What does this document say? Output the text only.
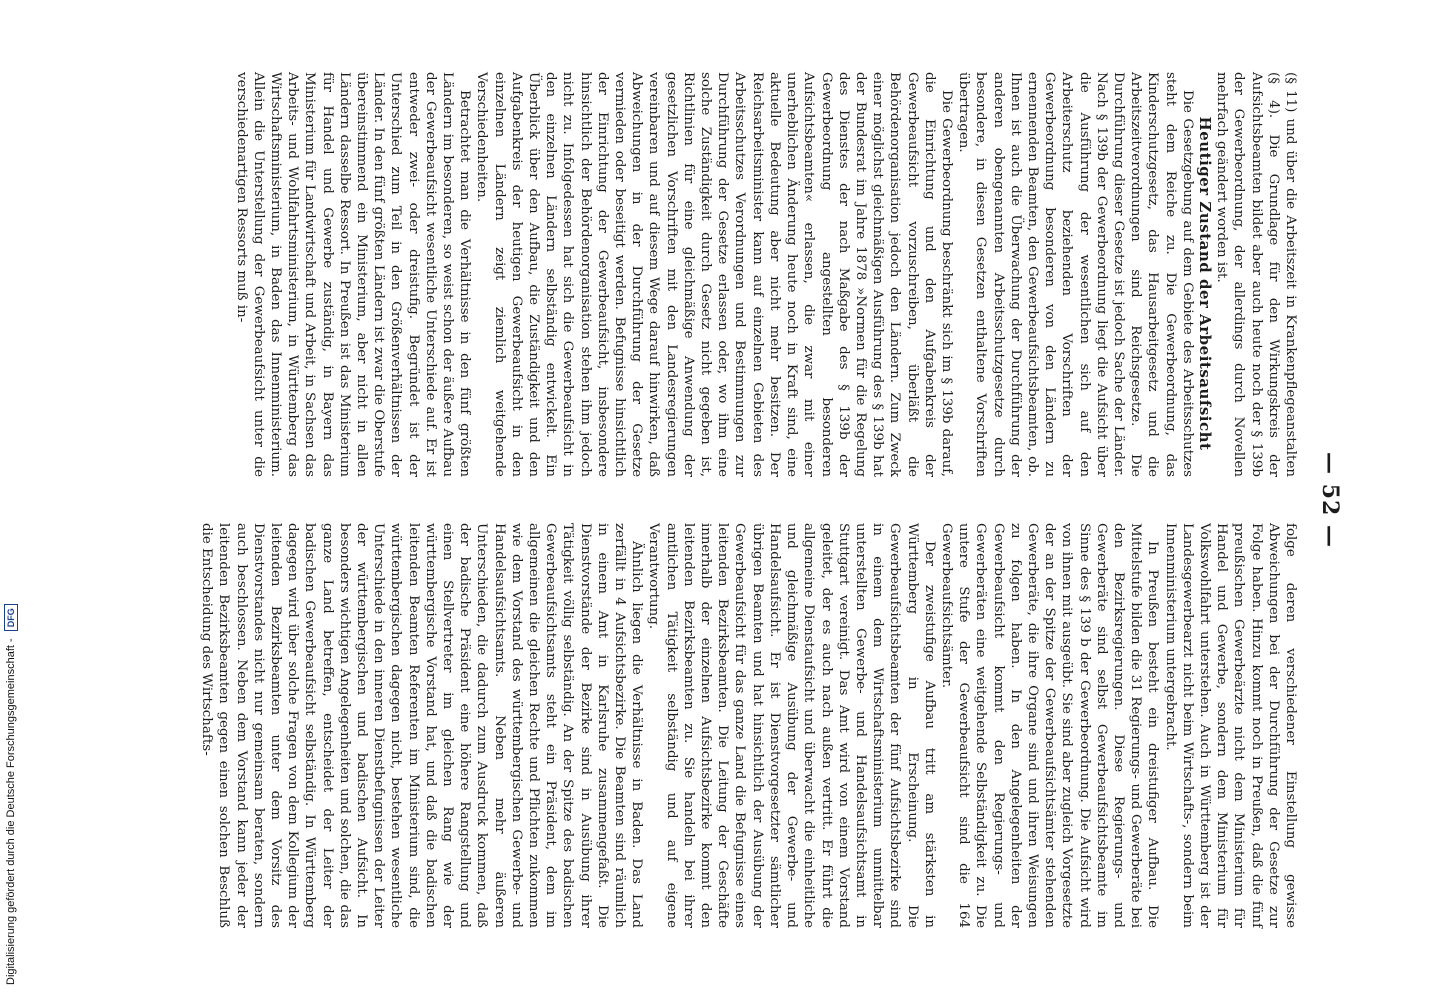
— 52 —

(§ 11) und über die Arbeitszeit in Krankenpflegeanstalten (§ 4). Die Grundlage für den Wirkungskreis der Aufsichtsbeamten bildet aber auch heute noch der § 139b der Gewerbeordnung, der allerdings durch Novellen mehrfach geändert worden ist.

Heutiger Zustand der Arbeitsaufsicht

Die Gesetzgebung auf dem Gebiete des Arbeitsschutzes steht dem Reiche zu. Die Gewerbeordnung, das Kinderschutzgesetz, das Hausarbeitgesetz und die Arbeitszeitverordnungen sind Reichsgesetze. Die Durchführung dieser Gesetze ist jedoch Sache der Länder. Nach § 139b der Gewerbeordnung liegt die Aufsicht über die Ausführung der wesentlichen sich auf den Arbeiterschutz beziehenden Vorschriften der Gewerbeordnung besonderen von den Ländern zu ernennenden Beamten, den Gewerbeaufsichtsbeamten, ob. Ihnen ist auch die Überwachung der Durchführung der anderen obengenannten Arbeitsschutzgesetze durch besondere, in diesen Gesetzen enthaltene Vorschriften übertragen.

Die Gewerbeordnung beschränkt sich im § 139b darauf, die Einrichtung und den Aufgabenkreis der Gewerbeaufsicht vorzuschreiben, überläßt die Behördenorganisation jedoch den Ländern. Zum Zweck einer möglichst gleichmäßigen Ausführung des § 139b hat der Bundesrat im Jahre 1878 »Normen für die Regelung des Dienstes der nach Maßgabe des § 139b der Gewerbeordnung angestellten besonderen Aufsichtsbeamten« erlassen, die zwar mit einer unerheblichen Änderung heute noch in Kraft sind, eine aktuelle Bedeutung aber nicht mehr besitzen. Der Reichsarbeitsminister kann auf einzelnen Gebieten des Arbeitsschutzes Verordnungen und Bestimmungen zur Durchführung der Gesetze erlassen oder, wo ihm eine solche Zuständigkeit durch Gesetz nicht gegeben ist, Richtlinien für eine gleichmäßige Anwendung der gesetzlichen Vorschriften mit den Landesregierungen vereinbaren und auf diesem Wege darauf hinwirken, daß Abweichungen in der Durchführung der Gesetze vermieden oder beseitigt werden. Befugnisse hinsichtlich der Einrichtung der Gewerbeaufsicht, insbesondere hinsichtlich der Behördenorganisation stehen ihm jedoch nicht zu. Infolgedessen hat sich die Gewerbeaufsicht in den einzelnen Ländern selbständig entwickelt. Ein Überblick über den Aufbau, die Zuständigkeit und den Aufgabenkreis der heutigen Gewerbeaufsicht in den einzelnen Ländern zeigt ziemlich weitgehende Verschiedenheiten.

Betrachtet man die Verhältnisse in den fünf größten Ländern im besonderen, so weist schon der äußere Aufbau der Gewerbeaufsicht wesentliche Unterschiede auf. Er ist entweder zwei- oder dreistufig. Begründet ist der Unterschied zum Teil in den Größenverhältnissen der Länder. In den fünf größten Ländern ist zwar die Oberstufe übereinstimmend ein Ministerium, aber nicht in allen Ländern dasselbe Ressort. In Preußen ist das Ministerium für Handel und Gewerbe zuständig, in Bayern das Ministerium für Landwirtschaft und Arbeit, in Sachsen das Arbeits- und Wohlfahrtsministerium, in Württemberg das Wirtschaftsministerium, in Baden das Innenministerium. Allein die Unterstellung der Gewerbeaufsicht unter die verschiedenartigen Ressorts muß in-

folge deren verschiedener Einstellung gewisse Abweichungen bei der Durchführung der Gesetze zur Folge haben. Hinzu kommt noch in Preußen, daß die fünf preußischen Gewerbeärzte nicht dem Ministerium für Handel und Gewerbe, sondern dem Ministerium für Volkswohlfahrt unterstehen. Auch in Württemberg ist der Landesgewerbearzt nicht beim Wirtschafts-, sondern beim Innenministerium untergebracht.

In Preußen besteht ein dreistufiger Aufbau. Die Mittelstufe bilden die 31 Regierungs- und Gewerberäte bei den Bezirksregierungen. Diese Regierungs- und Gewerberäte sind selbst Gewerbeaufsichtsbeamte im Sinne des § 139 b der Gewerbeordnung. Die Aufsicht wird von ihnen mit ausgeübt. Sie sind aber zugleich Vorgesetzte der an der Spitze der Gewerbeaufsichtsämter stehenden Gewerberäte, die ihre Organe sind und ihren Weisungen zu folgen haben. In den Angelegenheiten der Gewerbeaufsicht kommt den Regierungs- und Gewerberäten eine weitgehende Selbständigkeit zu. Die untere Stufe der Gewerbeaufsicht sind die 164 Gewerbeaufsichtsämter.

Der zweistufige Aufbau tritt am stärksten in Württemberg in Erscheinung. Die Gewerbeaufsichtsbeamten der fünf Aufsichtsbezirke sind in einem dem Wirtschaftsministerium unmittelbar unterstellten Gewerbe- und Handelsaufsichtsamt in Stuttgart vereinigt. Das Amt wird von einem Vorstand geleitet, der es auch nach außen vertritt. Er führt die allgemeine Dienstaufsicht und überwacht die einheitliche und gleichmäßige Ausübung der Gewerbe- und Handelsaufsicht. Er ist Dienstvorgesetzter sämtlicher übrigen Beamten und hat hinsichtlich der Ausübung der Gewerbeaufsicht für das ganze Land die Befugnisse eines leitenden Bezirksbeamten. Die Leitung der Geschäfte innerhalb der einzelnen Aufsichtsbezirke kommt den leitenden Bezirksbeamten zu. Sie handeln bei ihrer amtlichen Tätigkeit selbständig und auf eigene Verantwortung.

Ähnlich liegen die Verhältnisse in Baden. Das Land zerfällt in 4 Aufsichtsbezirke. Die Beamten sind räumlich in einem Amt in Karlsruhe zusammengefaßt. Die Dienstvorstände der Bezirke sind in Ausübung ihrer Tätigkeit völlig selbständig. An der Spitze des badischen Gewerbeaufsichtsamts steht ein Präsident, dem im allgemeinen die gleichen Rechte und Pflichten zukommen wie dem Vorstand des württembergischen Gewerbe- und Handelsaufsichtsamts. Neben mehr äußeren Unterschieden, die dadurch zum Ausdruck kommen, daß der badische Präsident eine höhere Rangstellung und einen Stellvertreter im gleichen Rang wie der württembergische Vorstand hat, und daß die badischen leitenden Beamten Referenten im Ministerium sind, die württembergischen dagegen nicht, bestehen wesentliche Unterschiede in den inneren Dienstbefugnissen der Leiter der württembergischen und badischen Aufsicht. In besonders wichtigen Angelegenheiten und solchen, die das ganze Land betreffen, entscheidet der Leiter der badischen Gewerbeaufsicht selbständig. In Württemberg dagegen wird über solche Fragen von dem Kollegium der leitenden Bezirksbeamten unter dem Vorsitz des Dienstvorstandes nicht nur gemeinsam beraten, sondern auch beschlossen. Neben dem Vorstand kann jeder der leitenden Bezirksbeamten gegen einen solchen Beschluß die Entscheidung des Wirtschafts-

Digitalisierung gefördert durch die Deutsche Forschungsgemeinschaft - DFG
